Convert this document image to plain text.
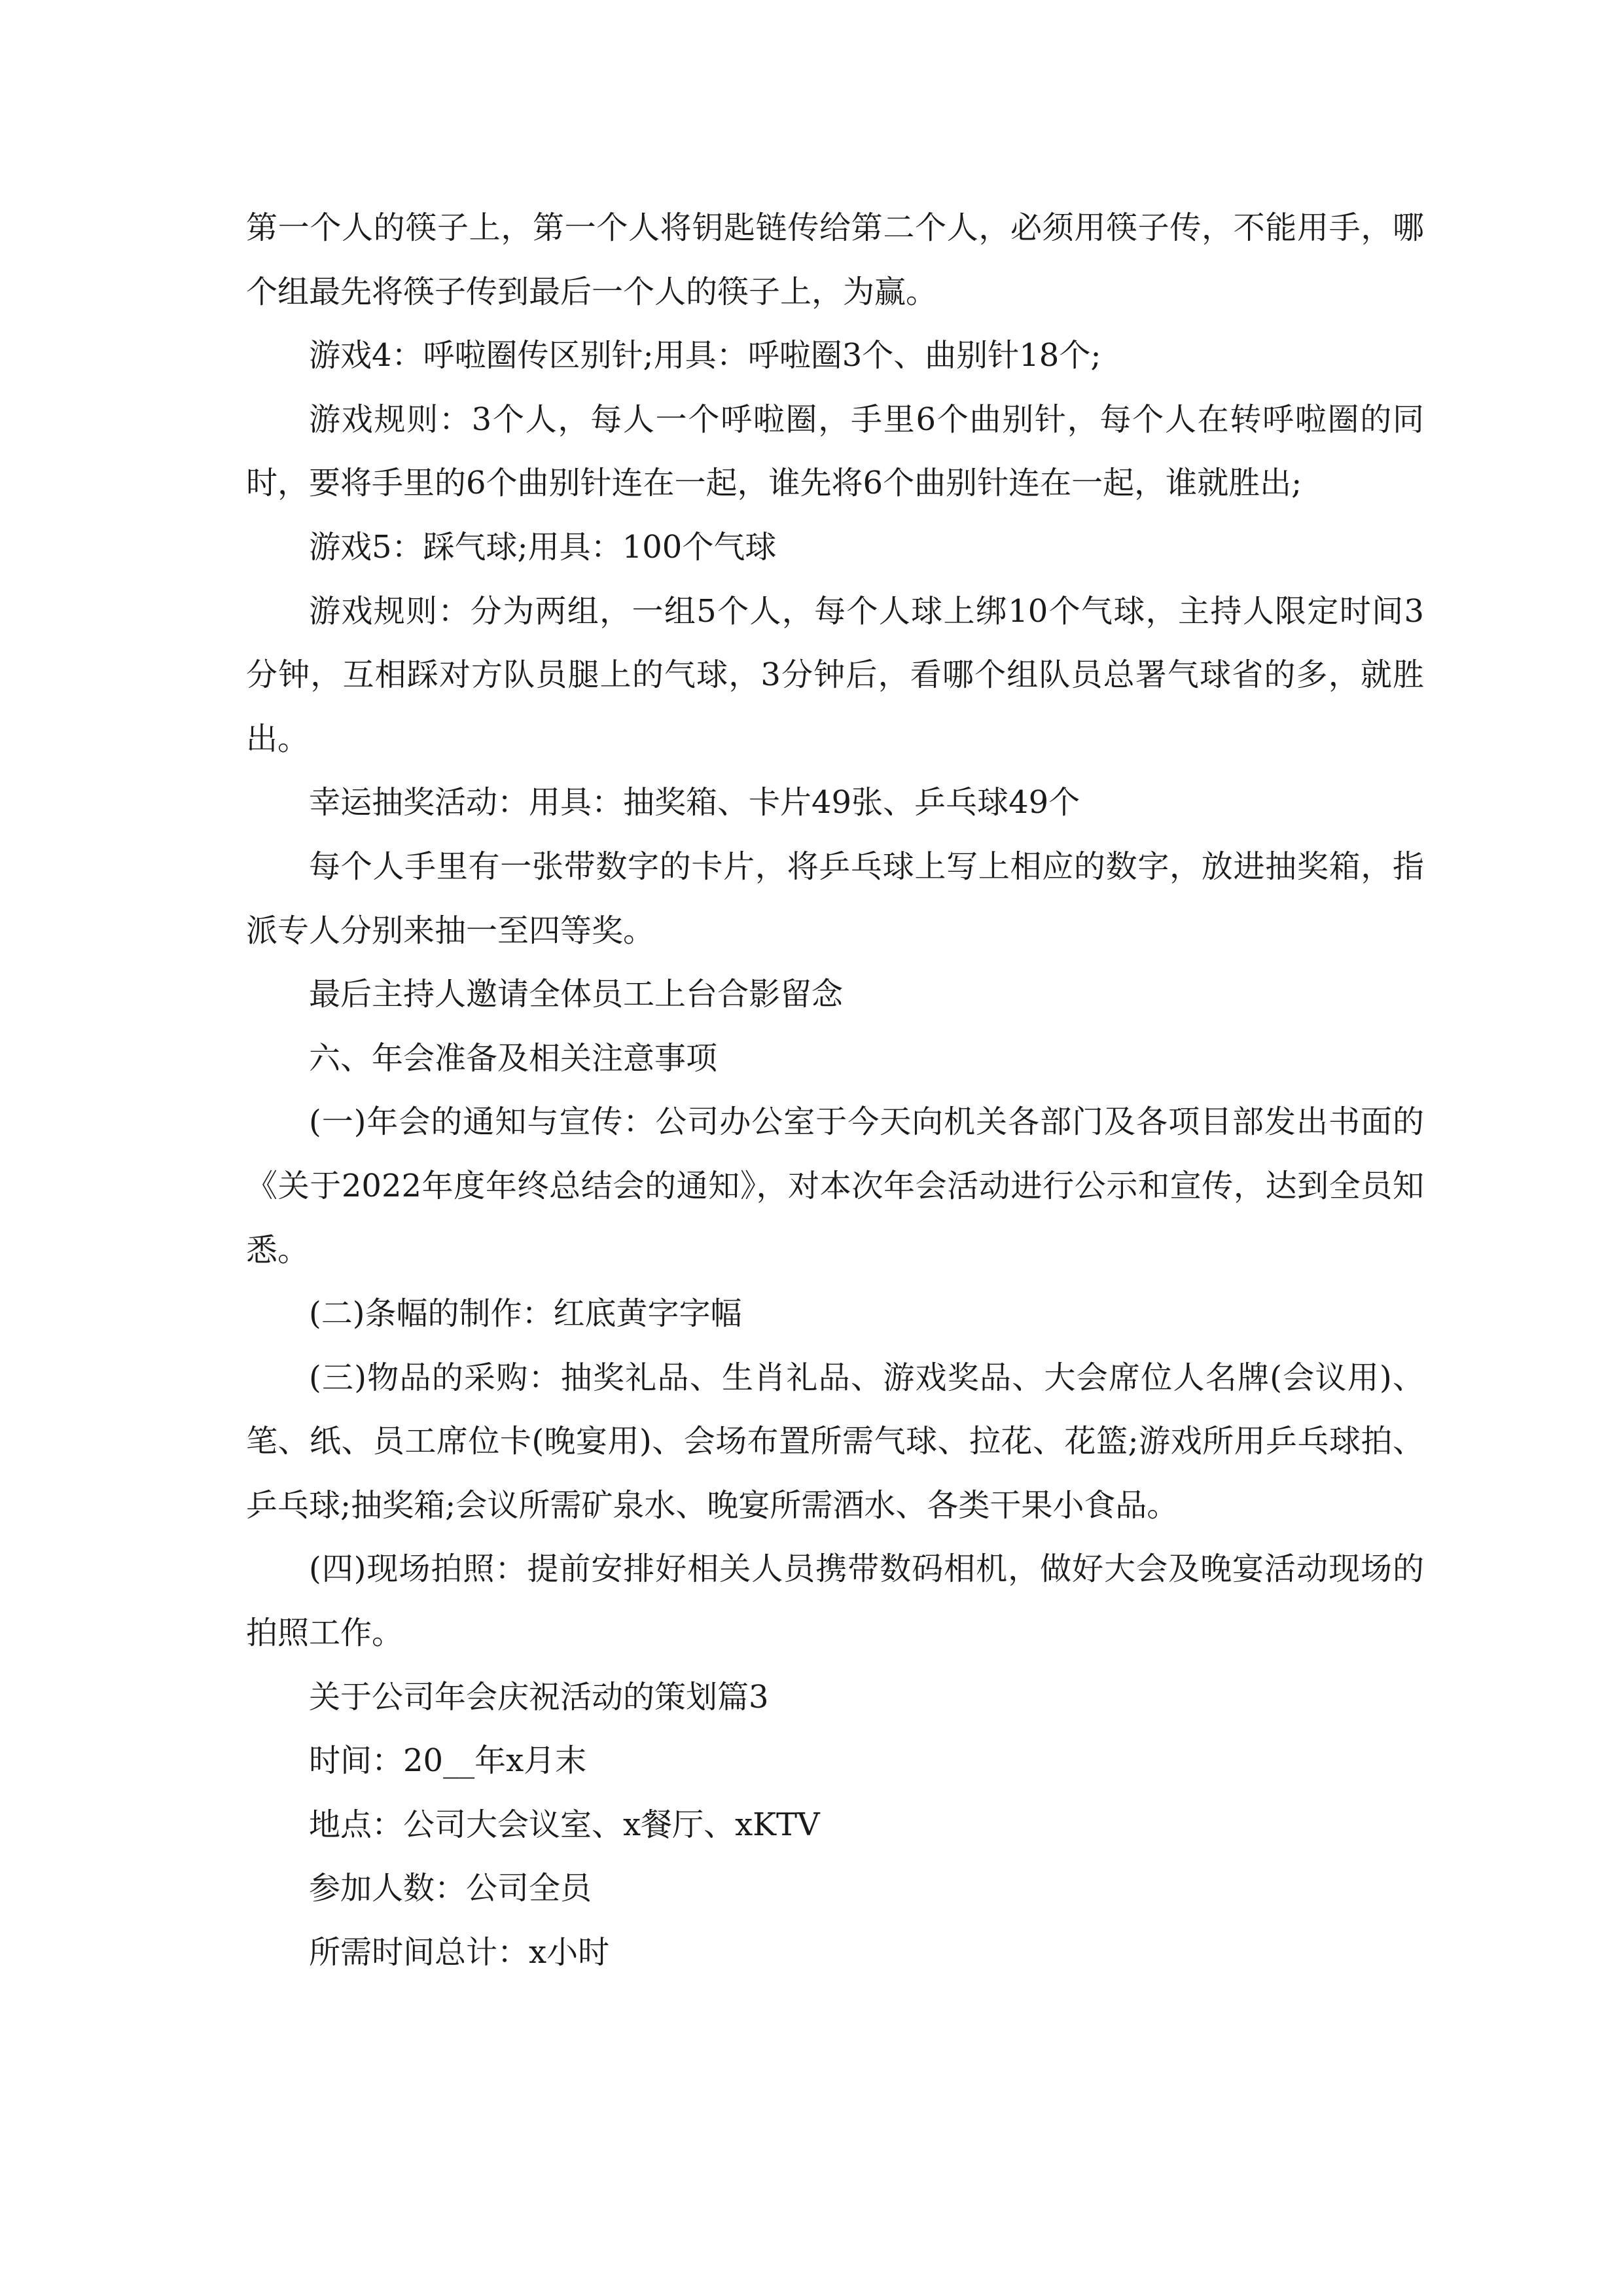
第一个人的筷子上，第一个人将钥匙链传给第二个人，必须用筷子传，不能用手，哪个组最先将筷子传到最后一个人的筷子上，为赢。

游戏4：呼啦圈传区别针;用具：呼啦圈3个、曲别针18个;

游戏规则：3个人，每人一个呼啦圈，手里6个曲别针，每个人在转呼啦圈的同时，要将手里的6个曲别针连在一起，谁先将6个曲别针连在一起，谁就胜出;

游戏5：踩气球;用具：100个气球

游戏规则：分为两组，一组5个人，每个人球上绑10个气球，主持人限定时间3分钟，互相踩对方队员腿上的气球，3分钟后，看哪个组队员总署气球省的多，就胜出。

幸运抽奖活动：用具：抽奖箱、卡片49张、乒乓球49个

每个人手里有一张带数字的卡片，将乒乓球上写上相应的数字，放进抽奖箱，指派专人分别来抽一至四等奖。

最后主持人邀请全体员工上台合影留念

六、年会准备及相关注意事项

(一)年会的通知与宣传：公司办公室于今天向机关各部门及各项目部发出书面的《关于2022年度年终总结会的通知》，对本次年会活动进行公示和宣传，达到全员知悉。

(二)条幅的制作：红底黄字字幅

(三)物品的采购：抽奖礼品、生肖礼品、游戏奖品、大会席位人名牌(会议用)、笔、纸、员工席位卡(晚宴用)、会场布置所需气球、拉花、花篮;游戏所用乒乓球拍、乒乓球;抽奖箱;会议所需矿泉水、晚宴所需酒水、各类干果小食品。

(四)现场拍照：提前安排好相关人员携带数码相机，做好大会及晚宴活动现场的拍照工作。

关于公司年会庆祝活动的策划篇3

时间：20__年x月末

地点：公司大会议室、x餐厅、xKTV

参加人数：公司全员

所需时间总计：x小时
